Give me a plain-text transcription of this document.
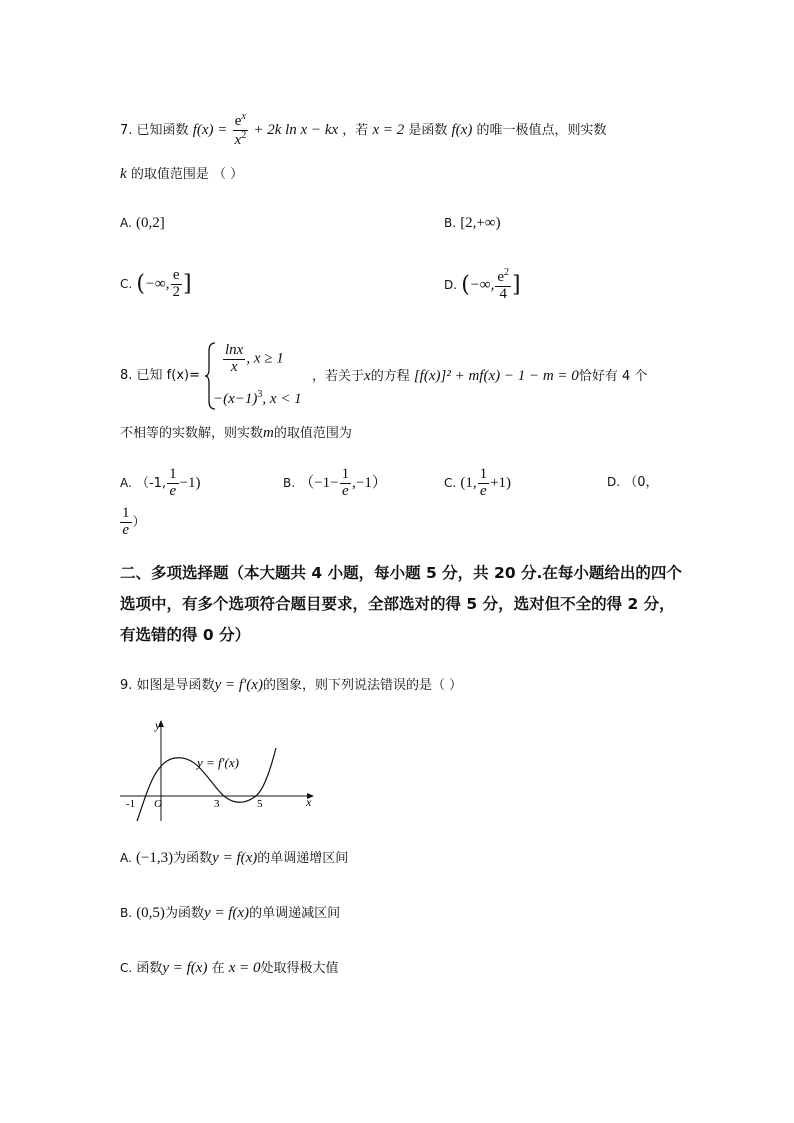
7. 已知函数 $f(x) = \frac{e^x}{x^2} + 2k$ ln x − kx ，若 x = 2 是函数 f(x) 的唯一极值点，则实数
k 的取值范围是 （ ）
A. (0,2]	B. [2,+∞)
C. (−∞, $\frac{e}{2}$ ]	D. (−∞, $\frac{e^2}{4}$ ]
8. 已知 $f(x)= \frac{\ln x}{x}$ , x ≥ 1
$-(x-1)^3$, x < 1
，若关于x的方程 [f(x)]² + mf(x) − 1 − m = 0恰好有 4 个
不相等的实数解，则实数m的取值范围为
A. （-1, $\frac{1}{e} -1$)	B. $(-1- \frac{1}{e} ,-1)$	C. (1, $\frac{1}{e} +1$)	D. （0，
$\frac{1}{e}$ ）
二、多项选择题（本大题共 4 小题，每小题 5 分，共 20 分.在每小题给出的四个
选项中，有多个选项符合题目要求，全部选对的得 5 分，选对但不全的得 2 分，
有选错的得 0 分）
9. 如图是导函数y = f′(x)的图象，则下列说法错误的是（ ）
y
x
y = f′(x)
-1 O	3	5
A. (−1,3)为函数y = f(x)的单调递增区间
B. (0,5)为函数y = f(x)的单调递减区间
C. 函数y = f(x) 在 x = 0处取得极大值
